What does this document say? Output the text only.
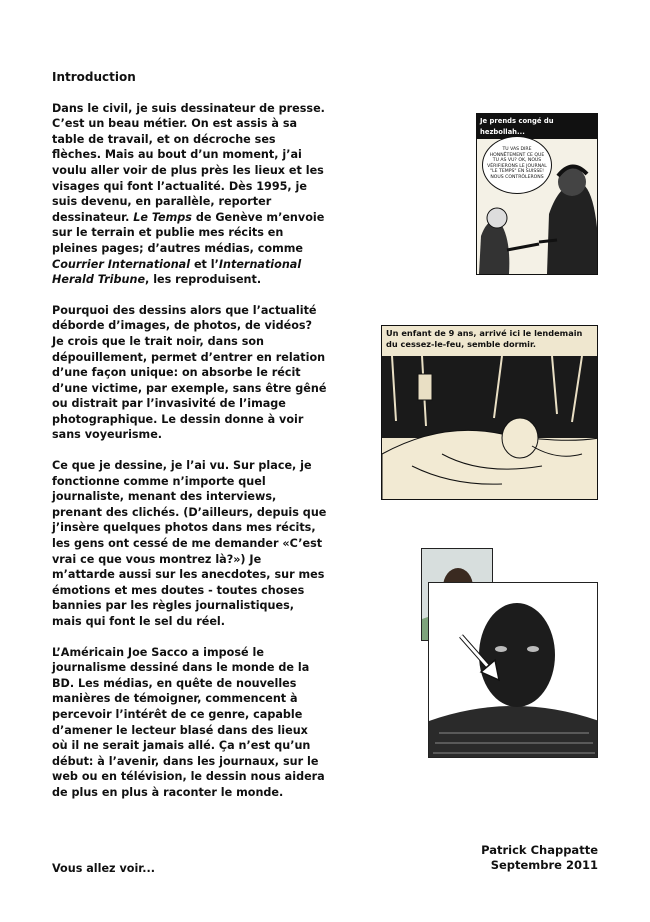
Introduction

Dans le civil, je suis dessinateur de presse. C’est un beau métier. On est assis à sa table de travail, et on décroche ses flèches. Mais au bout d’un moment, j’ai voulu aller voir de plus près les lieux et les visages qui font l’actualité. Dès 1995, je suis devenu, en parallèle, reporter dessinateur. Le Temps de Genève m’envoie sur le terrain et publie mes récits en pleines pages; d’autres médias, comme Courrier International et l’International Herald Tribune, les reproduisent.

Pourquoi des dessins alors que l’actualité déborde d’images, de photos, de vidéos? Je crois que le trait noir, dans son dépouillement, permet d’entrer en relation d’une façon unique: on absorbe le récit d’une victime, par exemple, sans être gêné ou distrait par l’invasivité de l’image photographique. Le dessin donne à voir sans voyeurisme.

Ce que je dessine, je l’ai vu. Sur place, je fonctionne comme n’importe quel journaliste, menant des interviews, prenant des clichés. (D’ailleurs, depuis que j’insère quelques photos dans mes récits, les gens ont cessé de me demander «C’est vrai ce que vous montrez là?») Je m’attarde aussi sur les anecdotes, sur mes émotions et mes doutes - toutes choses bannies par les règles journalistiques, mais qui font le sel du réel.

L’Américain Joe Sacco a imposé le journalisme dessiné dans le monde de la BD. Les médias, en quête de nouvelles manières de témoigner, commencent à percevoir l’intérêt de ce genre, capable d’amener le lecteur blasé dans des lieux où il ne serait jamais allé. Ça n’est qu’un début: à l’avenir, dans les journaux, sur le web ou en télévision, le dessin nous aidera de plus en plus à raconter le monde.

Vous allez voir...
Je prends congé du hezbollah...
TU VAS DIRE HONNÊTEMENT CE QUE TU AS VU? OK, NOUS VÉRIFIERONS LE JOURNAL "LE TEMPS" EN SUISSE! NOUS CONTRÔLERONS
Un enfant de 9 ans, arrivé ici le lendemain du cessez-le-feu, semble dormir.
Patrick Chappatte
Septembre 2011
